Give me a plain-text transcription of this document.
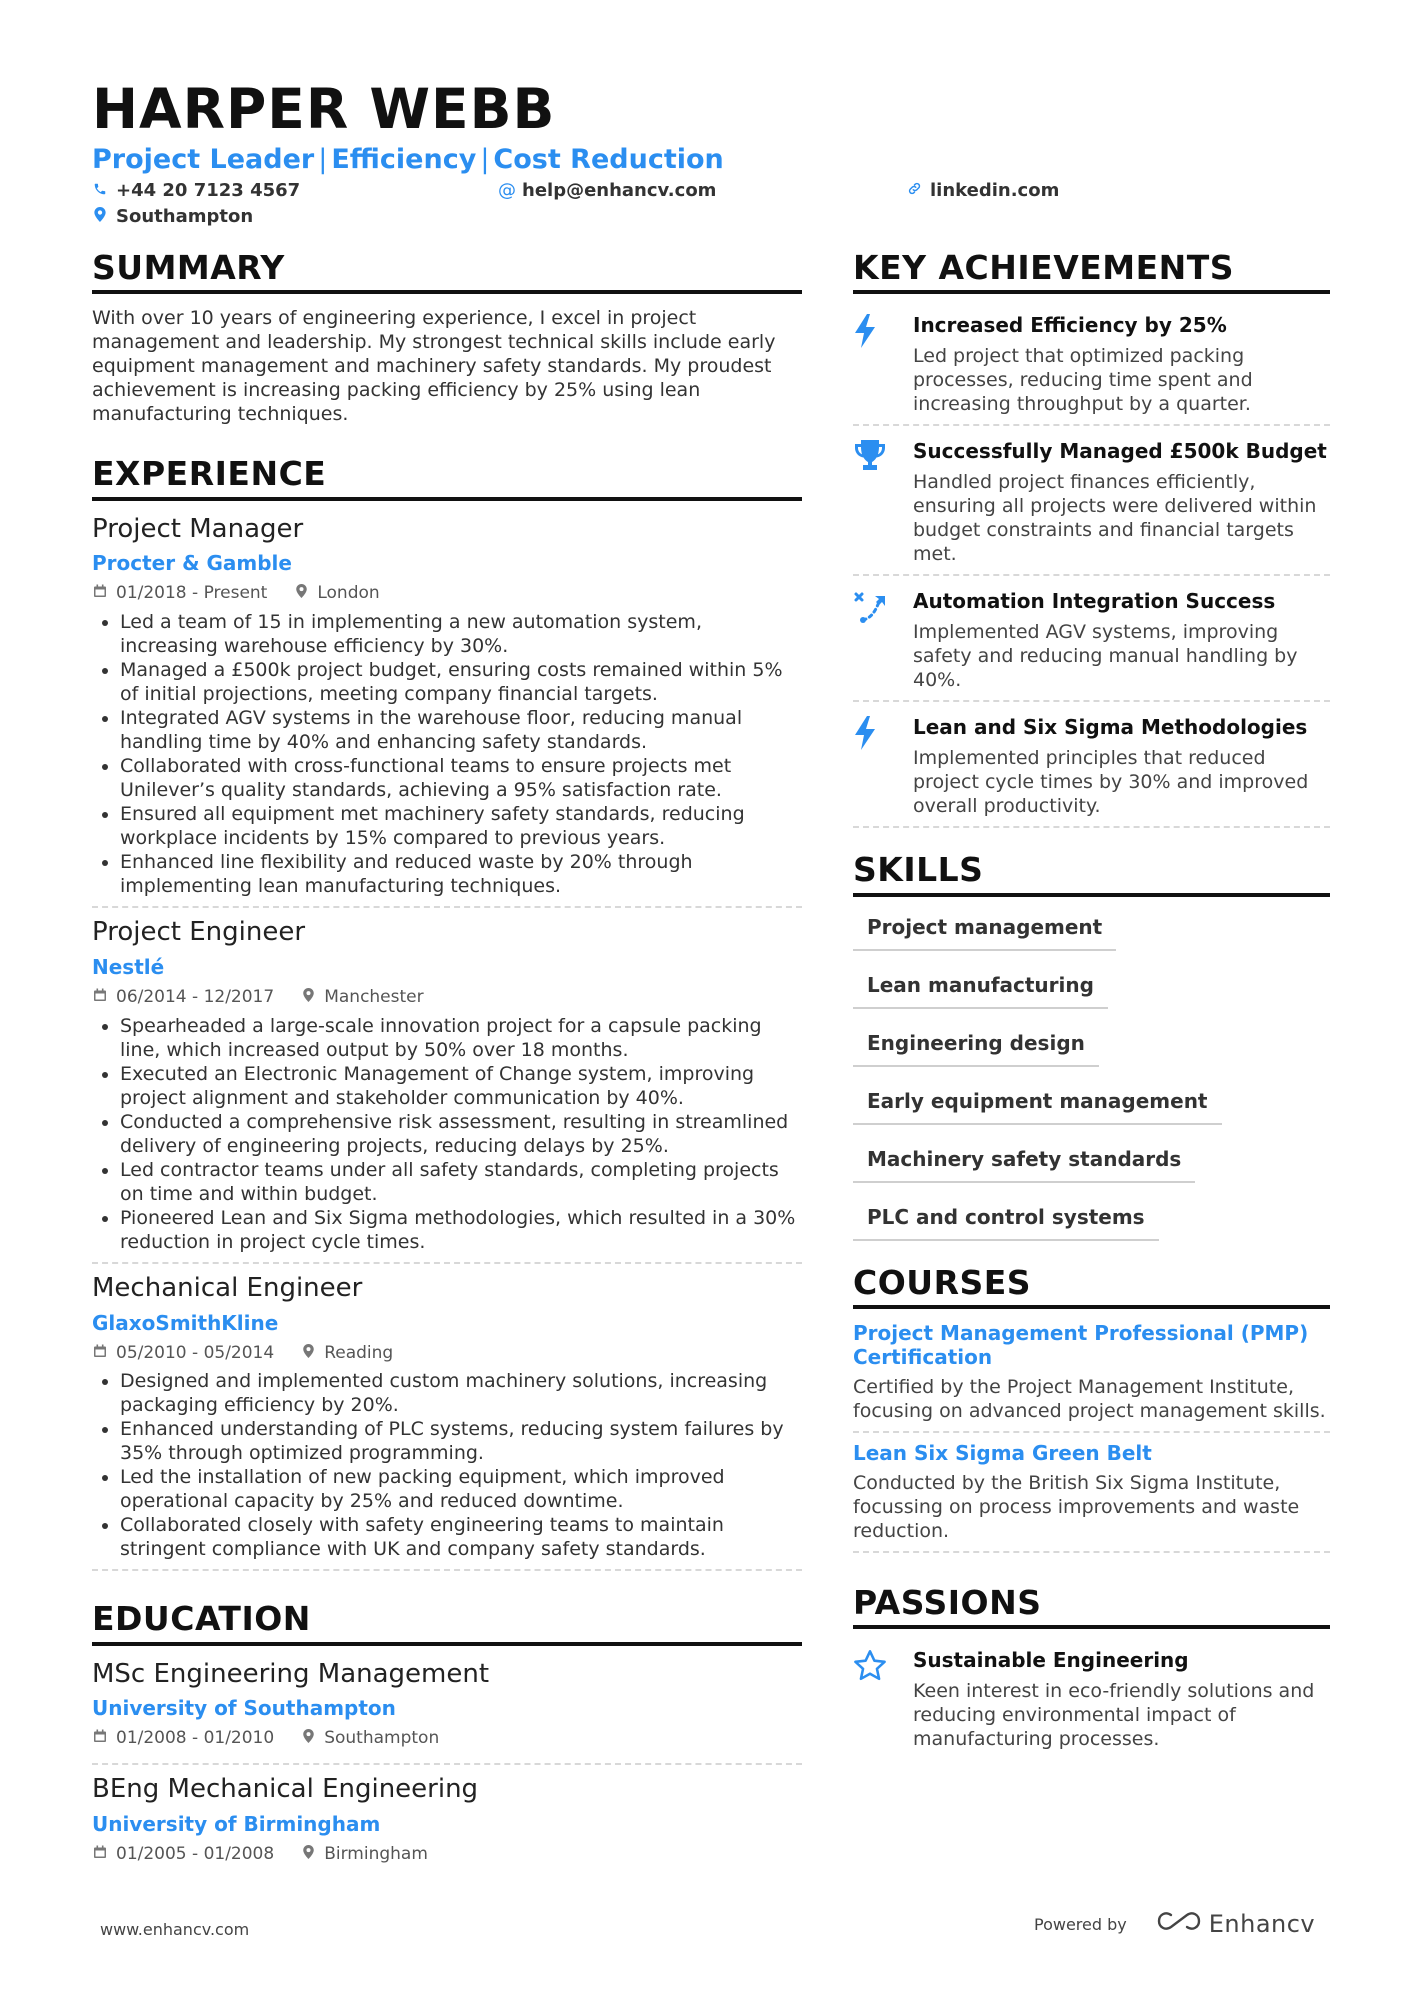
HARPER WEBB
Project Leader | Efficiency | Cost Reduction
+44 20 7123 4567	@ help@enhancv.com	linkedin.com
Southampton
SUMMARY

With over 10 years of engineering experience, I excel in project management and leadership. My strongest technical skills include early equipment management and machinery safety standards. My proudest achievement is increasing packing efficiency by 25% using lean manufacturing techniques.

EXPERIENCE
Project Manager
Procter & Gamble
01/2018 - Present	London
• Led a team of 15 in implementing a new automation system, increasing warehouse efficiency by 30%.
• Managed a £500k project budget, ensuring costs remained within 5% of initial projections, meeting company financial targets.
• Integrated AGV systems in the warehouse floor, reducing manual handling time by 40% and enhancing safety standards.
• Collaborated with cross-functional teams to ensure projects met Unilever’s quality standards, achieving a 95% satisfaction rate.
• Ensured all equipment met machinery safety standards, reducing workplace incidents by 15% compared to previous years.
• Enhanced line flexibility and reduced waste by 20% through implementing lean manufacturing techniques.
Project Engineer
Nestlé
06/2014 - 12/2017	Manchester
• Spearheaded a large-scale innovation project for a capsule packing line, which increased output by 50% over 18 months.
• Executed an Electronic Management of Change system, improving project alignment and stakeholder communication by 40%.
• Conducted a comprehensive risk assessment, resulting in streamlined delivery of engineering projects, reducing delays by 25%.
• Led contractor teams under all safety standards, completing projects on time and within budget.
• Pioneered Lean and Six Sigma methodologies, which resulted in a 30% reduction in project cycle times.
Mechanical Engineer
GlaxoSmithKline
05/2010 - 05/2014	Reading
• Designed and implemented custom machinery solutions, increasing packaging efficiency by 20%.
• Enhanced understanding of PLC systems, reducing system failures by 35% through optimized programming.
• Led the installation of new packing equipment, which improved operational capacity by 25% and reduced downtime.
• Collaborated closely with safety engineering teams to maintain stringent compliance with UK and company safety standards.
EDUCATION
MSc Engineering Management
University of Southampton
01/2008 - 01/2010	Southampton
BEng Mechanical Engineering
University of Birmingham
01/2005 - 01/2008	Birmingham
KEY ACHIEVEMENTS
Increased Efficiency by 25%

Led project that optimized packing processes, reducing time spent and increasing throughput by a quarter.

Successfully Managed £500k Budget

Handled project finances efficiently, ensuring all projects were delivered within budget constraints and financial targets met.

Automation Integration Success

Implemented AGV systems, improving safety and reducing manual handling by 40%.

Lean and Six Sigma Methodologies

Implemented principles that reduced project cycle times by 30% and improved overall productivity.

SKILLS
Project management
Lean manufacturing
Engineering design
Early equipment management
Machinery safety standards
PLC and control systems
COURSES
Project Management Professional (PMP) Certification

Certified by the Project Management Institute, focusing on advanced project management skills.

Lean Six Sigma Green Belt

Conducted by the British Six Sigma Institute, focussing on process improvements and waste reduction.

PASSIONS
Sustainable Engineering

Keen interest in eco-friendly solutions and reducing environmental impact of manufacturing processes.

www.enhancv.com	Powered by	Enhancv
